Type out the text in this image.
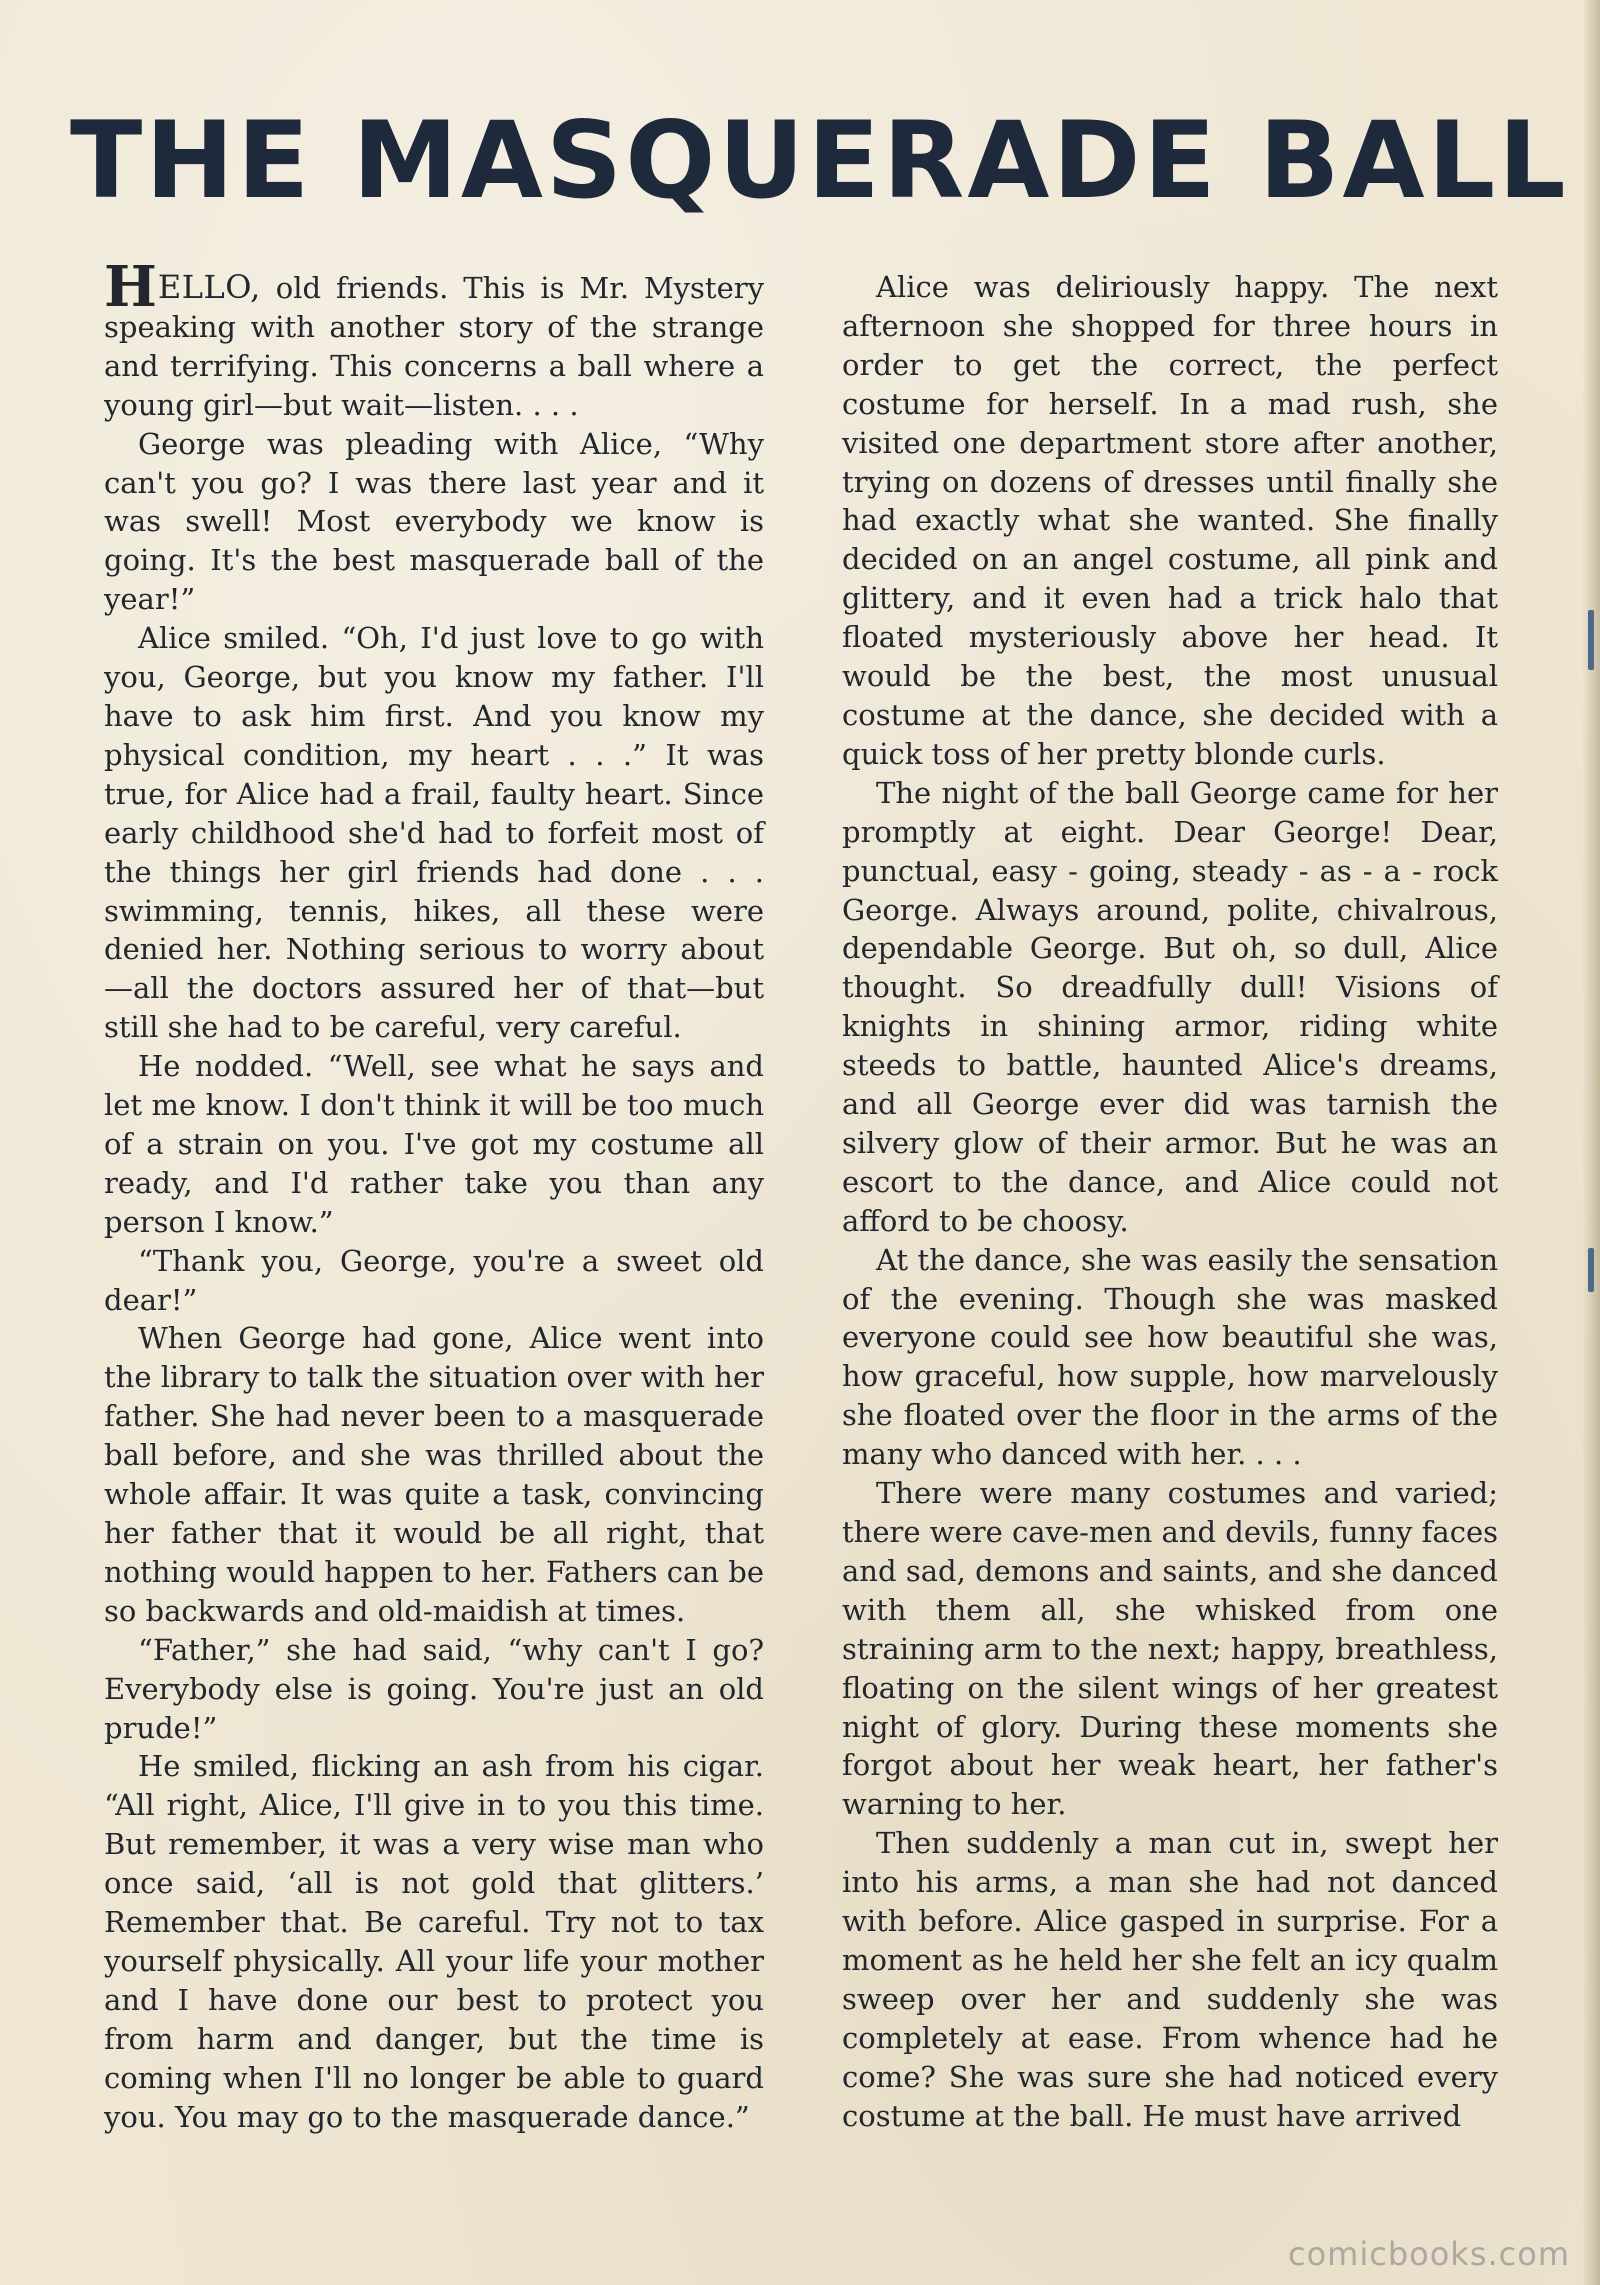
THE MASQUERADE BALL

HELLO, old friends. This is Mr. Mystery speaking with another story of the strange and terrifying. This concerns a ball where a young girl—but wait—listen. . . .

George was pleading with Alice, “Why can't you go? I was there last year and it was swell! Most everybody we know is going. It's the best masquerade ball of the year!”

Alice smiled. “Oh, I'd just love to go with you, George, but you know my father. I'll have to ask him first. And you know my physical condition, my heart . . .” It was true, for Alice had a frail, faulty heart. Since early childhood she'd had to forfeit most of the things her girl friends had done . . . swimming, tennis, hikes, all these were denied her. Nothing serious to worry about —all the doctors assured her of that—but still she had to be careful, very careful.

He nodded. “Well, see what he says and let me know. I don't think it will be too much of a strain on you. I've got my costume all ready, and I'd rather take you than any person I know.”

“Thank you, George, you're a sweet old dear!”

When George had gone, Alice went into the library to talk the situation over with her father. She had never been to a masquerade ball before, and she was thrilled about the whole affair. It was quite a task, convincing her father that it would be all right, that nothing would happen to her. Fathers can be so backwards and old-maidish at times.

“Father,” she had said, “why can't I go? Everybody else is going. You're just an old prude!”

He smiled, flicking an ash from his cigar. “All right, Alice, I'll give in to you this time. But remember, it was a very wise man who once said, ‘all is not gold that glitters.’ Remember that. Be careful. Try not to tax yourself physically. All your life your mother and I have done our best to protect you from harm and danger, but the time is coming when I'll no longer be able to guard you. You may go to the masquerade dance.”

Alice was deliriously happy. The next afternoon she shopped for three hours in order to get the correct, the perfect costume for herself. In a mad rush, she visited one department store after another, trying on dozens of dresses until finally she had exactly what she wanted. She finally decided on an angel costume, all pink and glittery, and it even had a trick halo that floated mysteriously above her head. It would be the best, the most unusual costume at the dance, she decided with a quick toss of her pretty blonde curls.

The night of the ball George came for her promptly at eight. Dear George! Dear, punctual, easy - going, steady - as - a - rock George. Always around, polite, chivalrous, dependable George. But oh, so dull, Alice thought. So dreadfully dull! Visions of knights in shining armor, riding white steeds to battle, haunted Alice's dreams, and all George ever did was tarnish the silvery glow of their armor. But he was an escort to the dance, and Alice could not afford to be choosy.

At the dance, she was easily the sensation of the evening. Though she was masked everyone could see how beautiful she was, how graceful, how supple, how marvelously she floated over the floor in the arms of the many who danced with her. . . .

There were many costumes and varied; there were cave-men and devils, funny faces and sad, demons and saints, and she danced with them all, she whisked from one straining arm to the next; happy, breathless, floating on the silent wings of her greatest night of glory. During these moments she forgot about her weak heart, her father's warning to her.

Then suddenly a man cut in, swept her into his arms, a man she had not danced with before. Alice gasped in surprise. For a moment as he held her she felt an icy qualm sweep over her and suddenly she was completely at ease. From whence had he come? She was sure she had noticed every costume at the ball. He must have arrived

comicbooks.com
